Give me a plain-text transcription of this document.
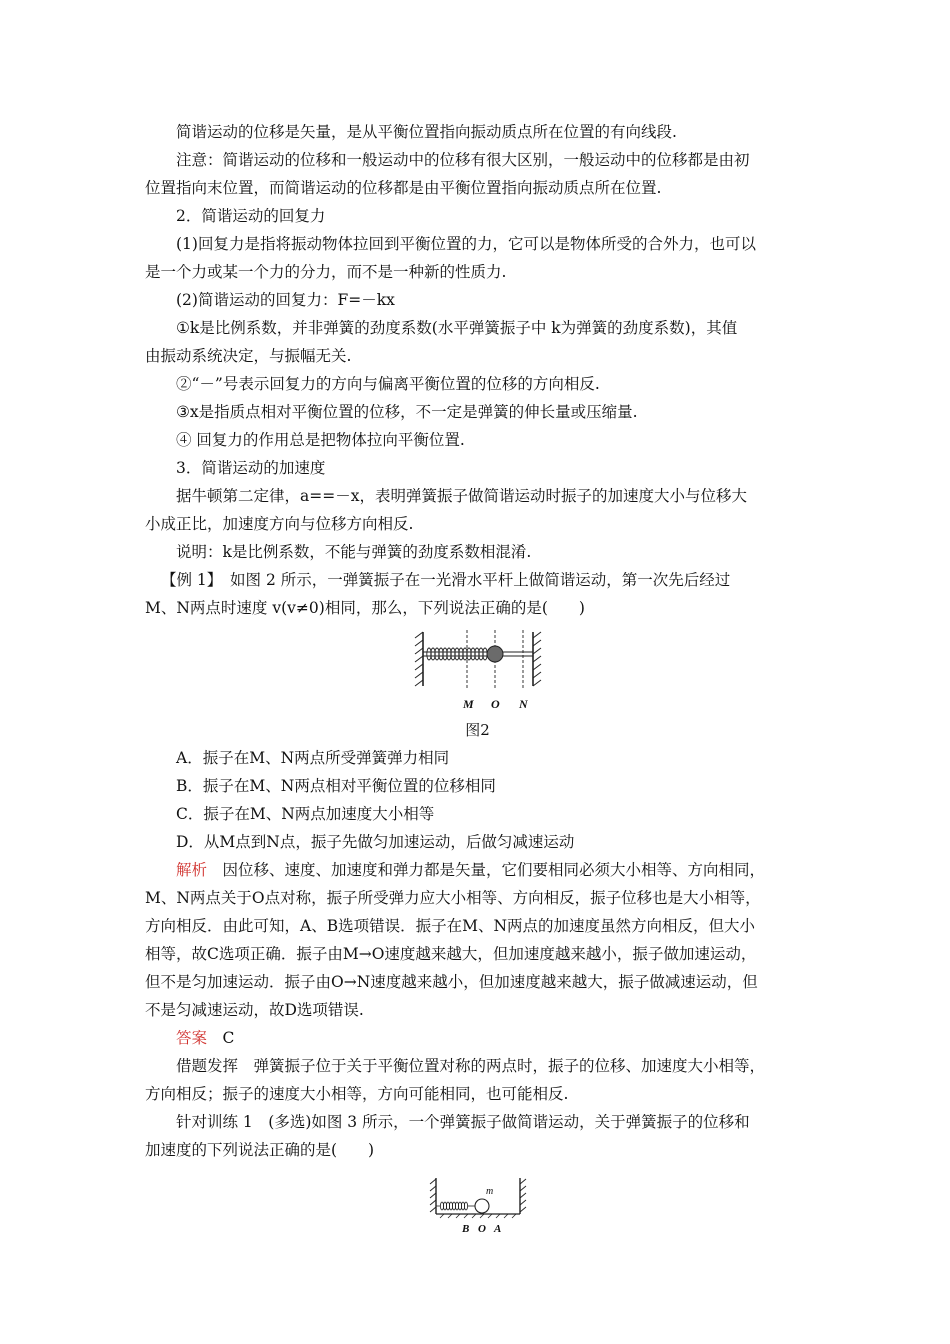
简谐运动的位移是矢量，是从平衡位置指向振动质点所在位置的有向线段.

注意：简谐运动的位移和一般运动中的位移有很大区别，一般运动中的位移都是由初

位置指向末位置，而简谐运动的位移都是由平衡位置指向振动质点所在位置.

2．简谐运动的回复力

(1)回复力是指将振动物体拉回到平衡位置的力，它可以是物体所受的合外力，也可以

是一个力或某一个力的分力，而不是一种新的性质力.

(2)简谐运动的回复力：F=－kx

①k是比例系数，并非弹簧的劲度系数(水平弹簧振子中 k为弹簧的劲度系数)，其值

由振动系统决定，与振幅无关.

②“－”号表示回复力的方向与偏离平衡位置的位移的方向相反.

③x是指质点相对平衡位置的位移，不一定是弹簧的伸长量或压缩量.

④ 回复力的作用总是把物体拉向平衡位置.

3．简谐运动的加速度

据牛顿第二定律，a==－x，表明弹簧振子做简谐运动时振子的加速度大小与位移大

小成正比，加速度方向与位移方向相反.

说明：k是比例系数，不能与弹簧的劲度系数相混淆.

【例 1】　如图 2 所示，一弹簧振子在一光滑水平杆上做简谐运动，第一次先后经过

M、N两点时速度 v(v≠0)相同，那么，下列说法正确的是(　　)

M O N
图2

A．振子在M、N两点所受弹簧弹力相同

B．振子在M、N两点相对平衡位置的位移相同

C．振子在M、N两点加速度大小相等

D．从M点到N点，振子先做匀加速运动，后做匀减速运动

解析　因位移、速度、加速度和弹力都是矢量，它们要相同必须大小相等、方向相同，

M、N两点关于O点对称，振子所受弹力应大小相等、方向相反，振子位移也是大小相等，

方向相反．由此可知，A、B选项错误．振子在M、N两点的加速度虽然方向相反，但大小

相等，故C选项正确．振子由M→O速度越来越大，但加速度越来越小，振子做加速运动，

但不是匀加速运动．振子由O→N速度越来越小，但加速度越来越大，振子做减速运动，但

不是匀减速运动，故D选项错误.

答案　C

借题发挥　弹簧振子位于关于平衡位置对称的两点时，振子的位移、加速度大小相等，

方向相反；振子的速度大小相等，方向可能相同，也可能相反.

针对训练 1　(多选)如图 3 所示，一个弹簧振子做简谐运动，关于弹簧振子的位移和

加速度的下列说法正确的是(　　)

m
B O A
